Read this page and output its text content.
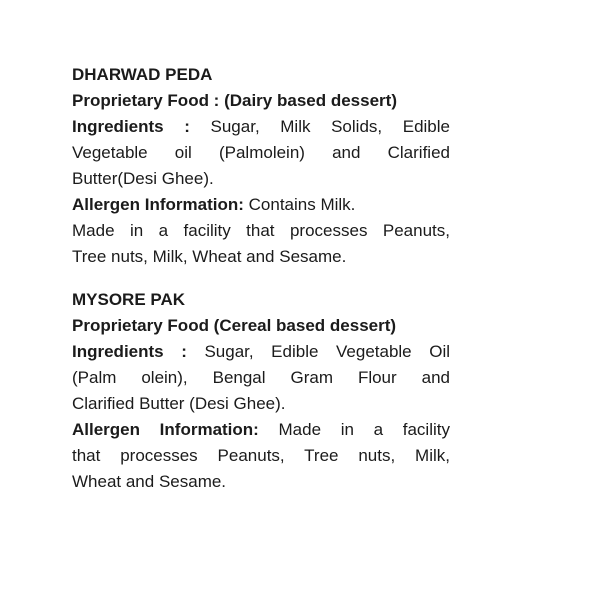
DHARWAD PEDA
Proprietary Food : (Dairy based dessert)
Ingredients : Sugar, Milk Solids, Edible
Vegetable oil (Palmolein) and Clarified
Butter(Desi Ghee).
Allergen Information: Contains Milk.
Made in a facility that processes Peanuts,
Tree nuts, Milk, Wheat and Sesame.
MYSORE PAK
Proprietary Food (Cereal based dessert)
Ingredients : Sugar, Edible Vegetable Oil
(Palm olein), Bengal Gram Flour and
Clarified Butter (Desi Ghee).
Allergen Information: Made in a facility
that processes Peanuts, Tree nuts, Milk,
Wheat and Sesame.
